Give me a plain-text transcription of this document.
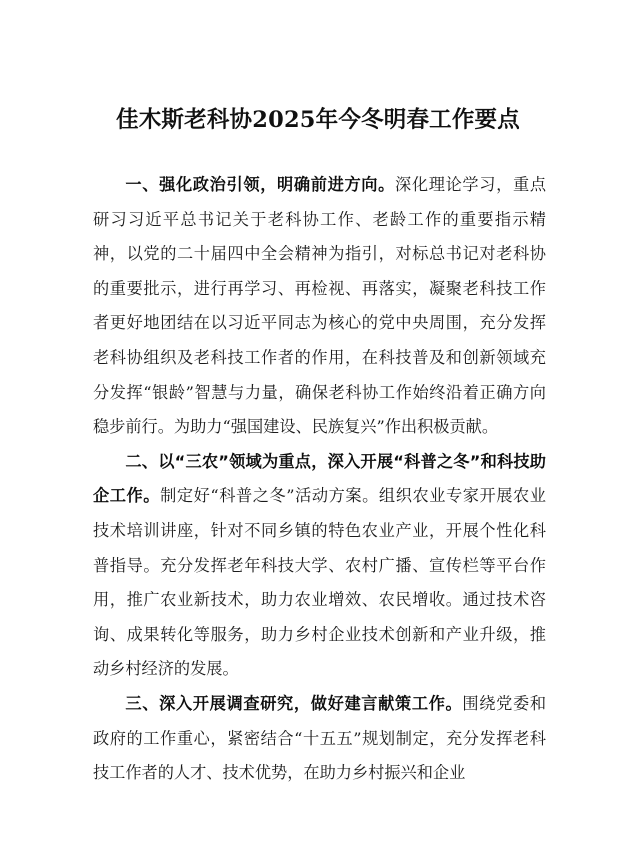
佳木斯老科协2025年今冬明春工作要点

一、强化政治引领，明确前进方向。深化理论学习，重点研习习近平总书记关于老科协工作、老龄工作的重要指示精神，以党的二十届四中全会精神为指引，对标总书记对老科协的重要批示，进行再学习、再检视、再落实，凝聚老科技工作者更好地团结在以习近平同志为核心的党中央周围，充分发挥老科协组织及老科技工作者的作用，在科技普及和创新领域充分发挥“银龄”智慧与力量，确保老科协工作始终沿着正确方向稳步前行。为助力“强国建设、民族复兴”作出积极贡献。

二、以“三农”领域为重点，深入开展“科普之冬”和科技助企工作。制定好“科普之冬”活动方案。组织农业专家开展农业技术培训讲座，针对不同乡镇的特色农业产业，开展个性化科普指导。充分发挥老年科技大学、农村广播、宣传栏等平台作用，推广农业新技术，助力农业增效、农民增收。通过技术咨询、成果转化等服务，助力乡村企业技术创新和产业升级，推动乡村经济的发展。

三、深入开展调查研究，做好建言献策工作。围绕党委和政府的工作重心，紧密结合“十五五”规划制定，充分发挥老科技工作者的人才、技术优势，在助力乡村振兴和企业
